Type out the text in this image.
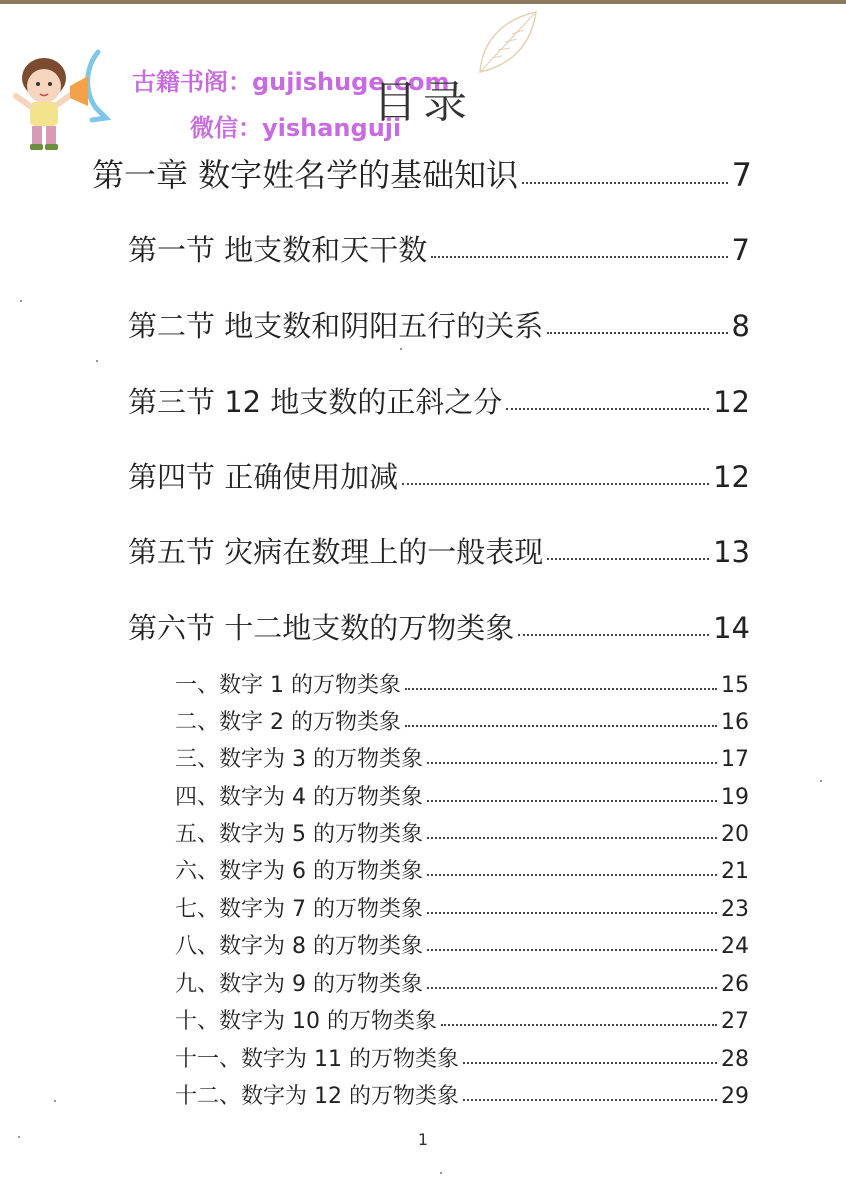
古籍书阁：gujishuge.com
微信：yishanguji
目录
第一章 数字姓名学的基础知识	7
第一节 地支数和天干数	7
第二节 地支数和阴阳五行的关系	8
第三节 12 地支数的正斜之分	12
第四节 正确使用加减	12
第五节 灾病在数理上的一般表现	13
第六节 十二地支数的万物类象	14
一、数字 1 的万物类象	15
二、数字 2 的万物类象	16
三、数字为 3 的万物类象	17
四、数字为 4 的万物类象	19
五、数字为 5 的万物类象	20
六、数字为 6 的万物类象	21
七、数字为 7 的万物类象	23
八、数字为 8 的万物类象	24
九、数字为 9 的万物类象	26
十、数字为 10 的万物类象	27
十一、数字为 11 的万物类象	28
十二、数字为 12 的万物类象	29
1
